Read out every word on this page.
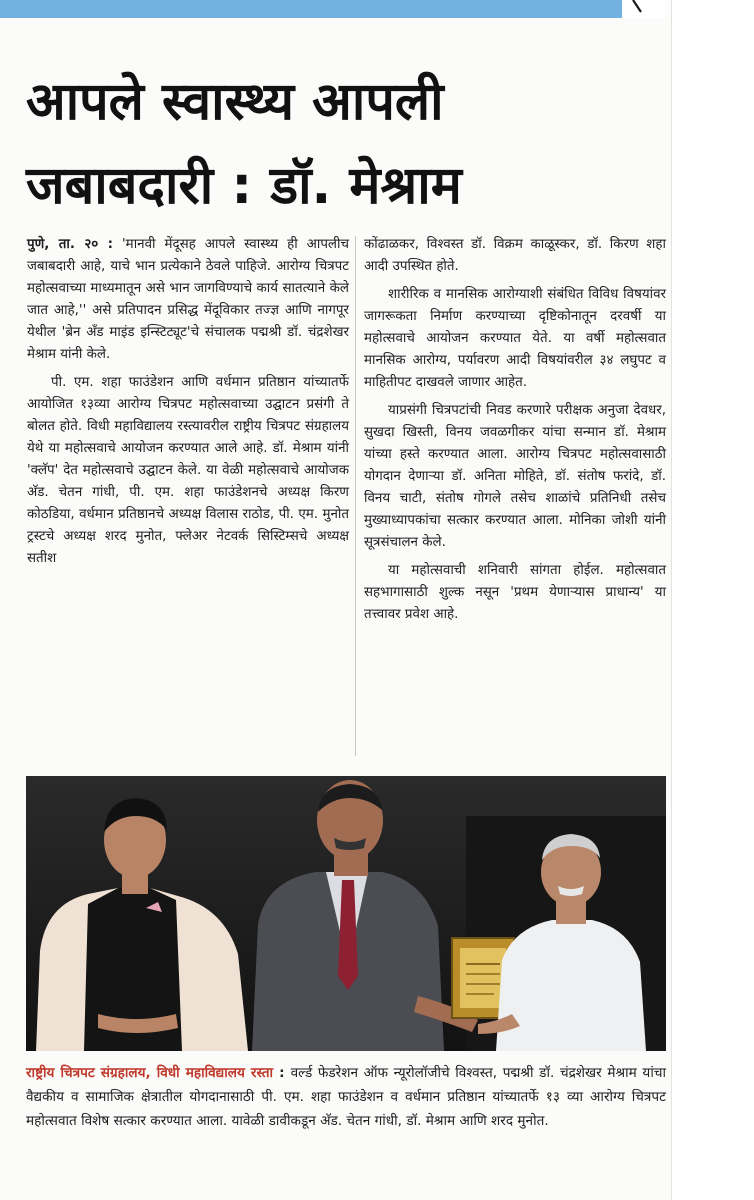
आपले स्वास्थ्य आपली
जबाबदारी : डॉ. मेश्राम

पुणे, ता. २० : 'मानवी मेंदूसह आपले स्वास्थ्य ही आपलीच जबाबदारी आहे, याचे भान प्रत्येकाने ठेवले पाहिजे. आरोग्य चित्रपट महोत्सवाच्या माध्यमातून असे भान जागविण्याचे कार्य सातत्याने केले जात आहे,'' असे प्रतिपादन प्रसिद्ध मेंदूविकार तज्ज्ञ आणि नागपूर येथील 'ब्रेन अँड माइंड इन्स्टिट्यूट'चे संचालक पद्मश्री डॉ. चंद्रशेखर मेश्राम यांनी केले.

पी. एम. शहा फाउंडेशन आणि वर्धमान प्रतिष्ठान यांच्यातर्फे आयोजित १३व्या आरोग्य चित्रपट महोत्सवाच्या उद्घाटन प्रसंगी ते बोलत होते. विधी महाविद्यालय रस्त्यावरील राष्ट्रीय चित्रपट संग्रहालय येथे या महोत्सवाचे आयोजन करण्यात आले आहे. डॉ. मेश्राम यांनी 'क्लॅप' देत महोत्सवाचे उद्घाटन केले. या वेळी महोत्सवाचे आयोजक अ‍ॅड. चेतन गांधी, पी. एम. शहा फाउंडेशनचे अध्यक्ष किरण कोठडिया, वर्धमान प्रतिष्ठानचे अध्यक्ष विलास राठोड, पी. एम. मुनोत ट्रस्टचे अध्यक्ष शरद मुनोत, फ्लेअर नेटवर्क सिस्टिम्सचे अध्यक्ष सतीश

कोंढाळकर, विश्वस्त डॉ. विक्रम काळूस्कर, डॉ. किरण शहा आदी उपस्थित होते.

शारीरिक व मानसिक आरोग्याशी संबंधित विविध विषयांवर जागरूकता निर्माण करण्याच्या दृष्टिकोनातून दरवर्षी या महोत्सवाचे आयोजन करण्यात येते. या वर्षी महोत्सवात मानसिक आरोग्य, पर्यावरण आदी विषयांवरील ३४ लघुपट व माहितीपट दाखवले जाणार आहेत.

याप्रसंगी चित्रपटांची निवड करणारे परीक्षक अनुजा देवधर, सुखदा खिस्ती, विनय जवळगीकर यांचा सन्मान डॉ. मेश्राम यांच्या हस्ते करण्यात आला. आरोग्य चित्रपट महोत्सवासाठी योगदान देणाऱ्या डॉ. अनिता मोहिते, डॉ. संतोष फरांदे, डॉ. विनय चाटी, संतोष गोगले तसेच शाळांचे प्रतिनिधी तसेच मुख्याध्यापकांचा सत्कार करण्यात आला. मोनिका जोशी यांनी सूत्रसंचालन केले.

या महोत्सवाची शनिवारी सांगता होईल. महोत्सवात सहभागासाठी शुल्क नसून 'प्रथम येणाऱ्यास प्राधान्य' या तत्त्वावर प्रवेश आहे.

राष्ट्रीय चित्रपट संग्रहालय, विधी महाविद्यालय रस्ता : वर्ल्ड फेडरेशन ऑफ न्यूरोलॉजीचे विश्वस्त, पद्मश्री डॉ. चंद्रशेखर मेश्राम यांचा वैद्यकीय व सामाजिक क्षेत्रातील योगदानासाठी पी. एम. शहा फाउंडेशन व वर्धमान प्रतिष्ठान यांच्यातर्फे १३ व्या आरोग्य चित्रपट महोत्सवात विशेष सत्कार करण्यात आला. यावेळी डावीकडून अ‍ॅड. चेतन गांधी, डॉ. मेश्राम आणि शरद मुनोत.
